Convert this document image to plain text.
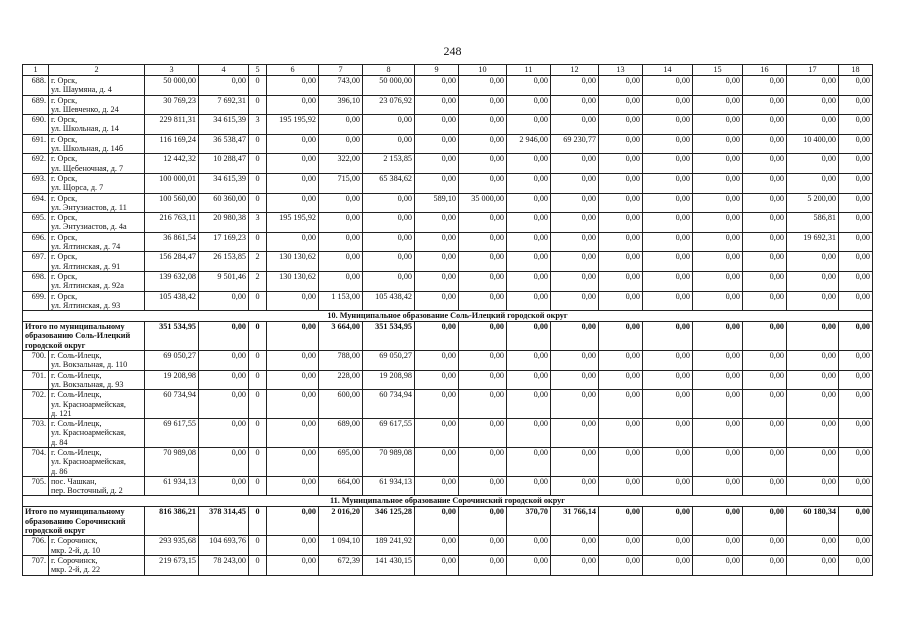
248
1	2	3	4	5	6	7	8	9	10	11	12	13	14	15	16	17	18
688.	г. Орск,
ул. Шаумяна, д. 4	50 000,00	0,00	0	0,00	743,00	50 000,00	0,00	0,00	0,00	0,00	0,00	0,00	0,00	0,00	0,00	0,00
689.	г. Орск,
ул. Шевченко, д. 24	30 769,23	7 692,31	0	0,00	396,10	23 076,92	0,00	0,00	0,00	0,00	0,00	0,00	0,00	0,00	0,00	0,00
690.	г. Орск,
ул. Школьная, д. 14	229 811,31	34 615,39	3	195 195,92	0,00	0,00	0,00	0,00	0,00	0,00	0,00	0,00	0,00	0,00	0,00	0,00
691.	г. Орск,
ул. Школьная, д. 14б	116 169,24	36 538,47	0	0,00	0,00	0,00	0,00	0,00	2 946,00	69 230,77	0,00	0,00	0,00	0,00	10 400,00	0,00
692.	г. Орск,
ул. Щебеночная, д. 7	12 442,32	10 288,47	0	0,00	322,00	2 153,85	0,00	0,00	0,00	0,00	0,00	0,00	0,00	0,00	0,00	0,00
693.	г. Орск,
ул. Щорса, д. 7	100 000,01	34 615,39	0	0,00	715,00	65 384,62	0,00	0,00	0,00	0,00	0,00	0,00	0,00	0,00	0,00	0,00
694.	г. Орск,
ул. Энтузиастов, д. 11	100 560,00	60 360,00	0	0,00	0,00	0,00	589,10	35 000,00	0,00	0,00	0,00	0,00	0,00	0,00	5 200,00	0,00
695.	г. Орск,
ул. Энтузиастов, д. 4а	216 763,11	20 980,38	3	195 195,92	0,00	0,00	0,00	0,00	0,00	0,00	0,00	0,00	0,00	0,00	586,81	0,00
696.	г. Орск,
ул. Ялтинская, д. 74	36 861,54	17 169,23	0	0,00	0,00	0,00	0,00	0,00	0,00	0,00	0,00	0,00	0,00	0,00	19 692,31	0,00
697.	г. Орск,
ул. Ялтинская, д. 91	156 284,47	26 153,85	2	130 130,62	0,00	0,00	0,00	0,00	0,00	0,00	0,00	0,00	0,00	0,00	0,00	0,00
698.	г. Орск,
ул. Ялтинская, д. 92а	139 632,08	9 501,46	2	130 130,62	0,00	0,00	0,00	0,00	0,00	0,00	0,00	0,00	0,00	0,00	0,00	0,00
699.	г. Орск,
ул. Ялтинская, д. 93	105 438,42	0,00	0	0,00	1 153,00	105 438,42	0,00	0,00	0,00	0,00	0,00	0,00	0,00	0,00	0,00	0,00
10. Муниципальное образование Соль-Илецкий городской округ																	
Итого по муниципальному
образованию Соль-Илецкий
городской округ		351 534,95	0,00	0	0,00	3 664,00	351 534,95	0,00	0,00	0,00	0,00	0,00	0,00	0,00	0,00	0,00	0,00
700.	г. Соль-Илецк,
ул. Вокзальная, д. 110	69 050,27	0,00	0	0,00	788,00	69 050,27	0,00	0,00	0,00	0,00	0,00	0,00	0,00	0,00	0,00	0,00
701.	г. Соль-Илецк,
ул. Вокзальная, д. 93	19 208,98	0,00	0	0,00	228,00	19 208,98	0,00	0,00	0,00	0,00	0,00	0,00	0,00	0,00	0,00	0,00
702.	г. Соль-Илецк,
ул. Красноармейская,
д. 121	60 734,94	0,00	0	0,00	600,00	60 734,94	0,00	0,00	0,00	0,00	0,00	0,00	0,00	0,00	0,00	0,00
703.	г. Соль-Илецк,
ул. Красноармейская,
д. 84	69 617,55	0,00	0	0,00	689,00	69 617,55	0,00	0,00	0,00	0,00	0,00	0,00	0,00	0,00	0,00	0,00
704.	г. Соль-Илецк,
ул. Красноармейская,
д. 86	70 989,08	0,00	0	0,00	695,00	70 989,08	0,00	0,00	0,00	0,00	0,00	0,00	0,00	0,00	0,00	0,00
705.	пос. Чашкан,
пер. Восточный, д. 2	61 934,13	0,00	0	0,00	664,00	61 934,13	0,00	0,00	0,00	0,00	0,00	0,00	0,00	0,00	0,00	0,00
11. Муниципальное образование Сорочинский городской округ																	
Итого по муниципальному
образованию Сорочинский
городской округ		816 386,21	378 314,45	0	0,00	2 016,20	346 125,28	0,00	0,00	370,70	31 766,14	0,00	0,00	0,00	0,00	60 180,34	0,00
706.	г. Сорочинск,
мкр. 2-й, д. 10	293 935,68	104 693,76	0	0,00	1 094,10	189 241,92	0,00	0,00	0,00	0,00	0,00	0,00	0,00	0,00	0,00	0,00
707.	г. Сорочинск,
мкр. 2-й, д. 22	219 673,15	78 243,00	0	0,00	672,39	141 430,15	0,00	0,00	0,00	0,00	0,00	0,00	0,00	0,00	0,00	0,00
